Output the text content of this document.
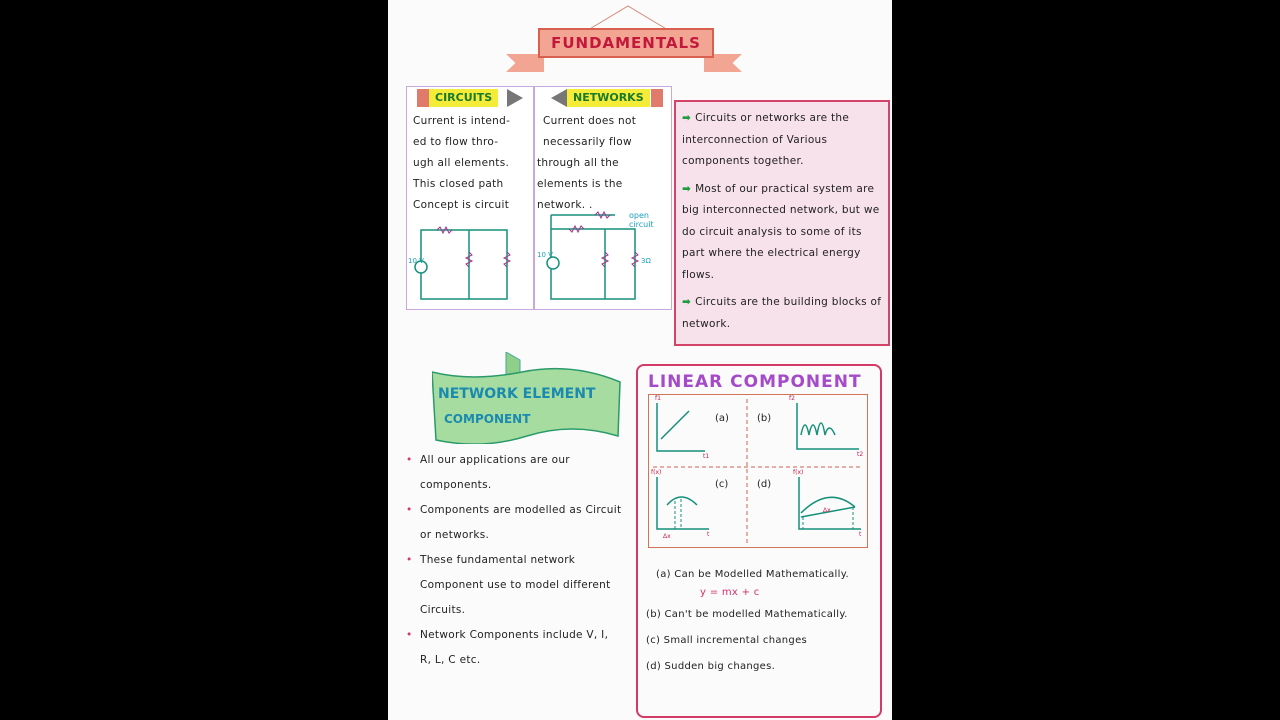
FUNDAMENTALS
CIRCUITS
Current is intend-
ed to flow thro-
ugh all elements.
This closed path
Concept is circuit
10 V
NETWORKS
Current does not
necessarily flow
through all the
elements is the
network. .
open circuit
10 V
3Ω
➡ Circuits or networks are the interconnection of Various components together.
➡ Most of our practical system are big interconnected network, but we do circuit analysis to some of its part where the electrical energy flows.
➡ Circuits are the building blocks of network.
NETWORK ELEMENT
COMPONENT
• All our applications are our components.
• Components are modelled as Circuit or networks.
• These fundamental network Component use to model different Circuits.
• Network Components include V, I, R, L, C etc.
LINEAR COMPONENT
(a)	(b)
(c)	(d)
f1
t1
f2
t2
f(x)
t
Δx
f(x)
t
Δx
(a) Can be Modelled Mathematically.
y = mx + c
(b) Can't be modelled Mathematically.
(c) Small incremental changes
(d) Sudden big changes.
